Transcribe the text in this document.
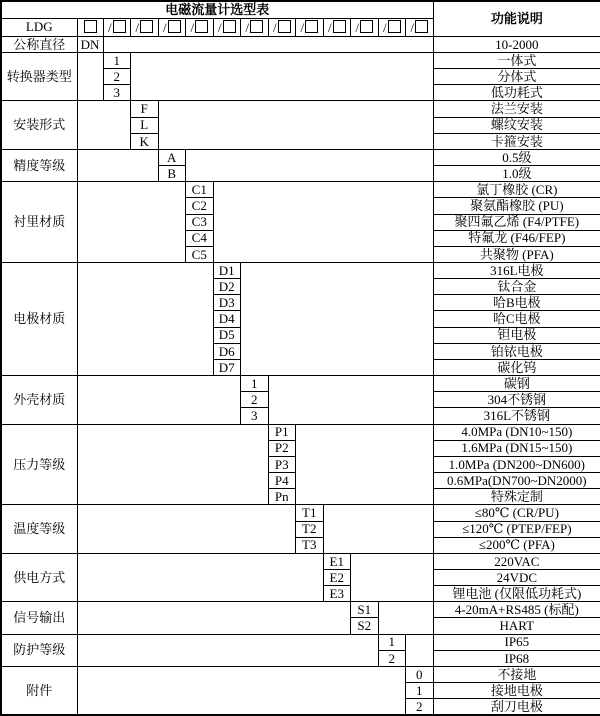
电磁流量计选型表														功能说明
LDG		/	/	/	/	/	/	/	/	/	/	/	/	
公称直径	DN													10-2000
转换器类型		1												一体式
		2												分体式
		3												低功耗式
安装形式			F											法兰安装
			L											螺纹安装
			K											卡箍安装
精度等级				A										0.5级
				B										1.0级
衬里材质					C1									氯丁橡胶 (CR)
					C2									聚氨酯橡胶 (PU)
					C3									聚四氟乙烯 (F4/PTFE)
					C4									特氟龙 (F46/FEP)
					C5									共聚物 (PFA)
电极材质						D1								316L电极
						D2								钛合金
						D3								哈B电极
						D4								哈C电极
						D5								钽电极
						D6								铂铱电极
						D7								碳化钨
外壳材质							1							碳钢
							2							304不锈钢
							3							316L不锈钢
压力等级								P1						4.0MPa (DN10~150)
								P2						1.6MPa (DN15~150)
								P3						1.0MPa (DN200~DN600)
								P4						0.6MPa(DN700~DN2000)
								Pn						特殊定制
温度等级									T1					≤80℃ (CR/PU)
									T2					≤120℃ (PTEP/FEP)
									T3					≤200℃ (PFA)
供电方式										E1				220VAC
										E2				24VDC
										E3				锂电池 (仅限低功耗式)
信号输出											S1			4-20mA+RS485 (标配)
											S2			HART
防护等级												1		IP65
												2		IP68
附件													0	不接地
													1	接地电极
													2	刮刀电极
